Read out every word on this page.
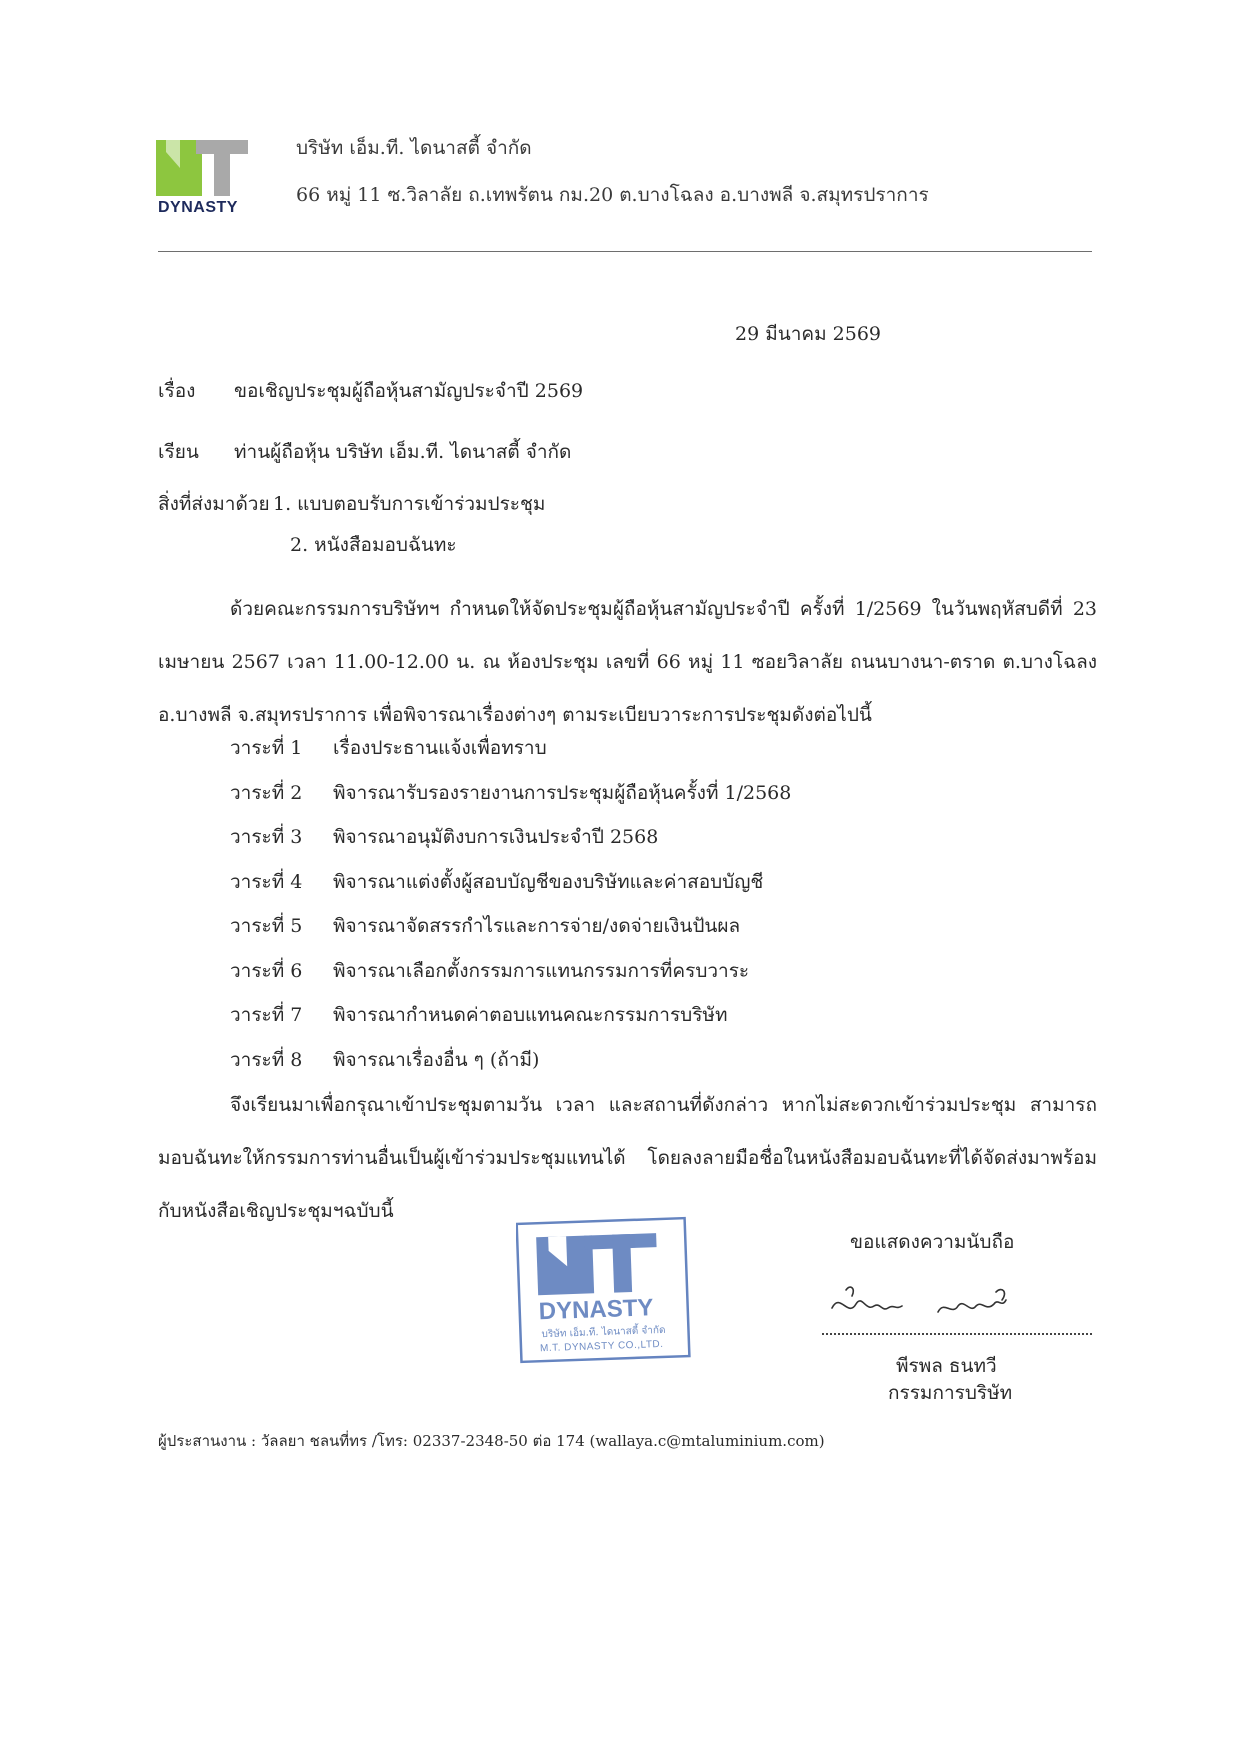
DYNASTY
บริษัท เอ็ม.ที. ไดนาสตี้ จำกัด
66 หมู่ 11 ซ.วิลาลัย ถ.เทพรัตน กม.20 ต.บางโฉลง อ.บางพลี จ.สมุทรปราการ
29 มีนาคม 2569
เรื่อง ขอเชิญประชุมผู้ถือหุ้นสามัญประจำปี 2569
เรียน ท่านผู้ถือหุ้น บริษัท เอ็ม.ที. ไดนาสตี้ จำกัด
สิ่งที่ส่งมาด้วย 1. แบบตอบรับการเข้าร่วมประชุม
2. หนังสือมอบฉันทะ
ด้วยคณะกรรมการบริษัทฯ กำหนดให้จัดประชุมผู้ถือหุ้นสามัญประจำปี ครั้งที่ 1/2569 ในวันพฤหัสบดีที่ 23 เมษายน 2567 เวลา 11.00-12.00 น. ณ ห้องประชุม เลขที่ 66 หมู่ 11 ซอยวิลาลัย ถนนบางนา-ตราด ต.บางโฉลง อ.บางพลี จ.สมุทรปราการ เพื่อพิจารณาเรื่องต่างๆ ตามระเบียบวาระการประชุมดังต่อไปนี้
วาระที่ 1	เรื่องประธานแจ้งเพื่อทราบ
วาระที่ 2	พิจารณารับรองรายงานการประชุมผู้ถือหุ้นครั้งที่ 1/2568
วาระที่ 3	พิจารณาอนุมัติงบการเงินประจำปี 2568
วาระที่ 4	พิจารณาแต่งตั้งผู้สอบบัญชีของบริษัทและค่าสอบบัญชี
วาระที่ 5	พิจารณาจัดสรรกำไรและการจ่าย/งดจ่ายเงินปันผล
วาระที่ 6	พิจารณาเลือกตั้งกรรมการแทนกรรมการที่ครบวาระ
วาระที่ 7	พิจารณากำหนดค่าตอบแทนคณะกรรมการบริษัท
วาระที่ 8	พิจารณาเรื่องอื่น ๆ (ถ้ามี)
จึงเรียนมาเพื่อกรุณาเข้าประชุมตามวัน เวลา และสถานที่ดังกล่าว หากไม่สะดวกเข้าร่วมประชุม สามารถมอบฉันทะให้กรรมการท่านอื่นเป็นผู้เข้าร่วมประชุมแทนได้ โดยลงลายมือชื่อในหนังสือมอบฉันทะที่ได้จัดส่งมาพร้อมกับหนังสือเชิญประชุมฯฉบับนี้
DYNASTY
บริษัท เอ็ม.ที. ไดนาสตี้ จำกัด
M.T. DYNASTY CO.,LTD.
ขอแสดงความนับถือ
พีรพล ธนทวี
กรรมการบริษัท
ผู้ประสานงาน : วัลลยา ชลนที่ทร /โทร: 02337-2348-50 ต่อ 174 (wallaya.c@mtaluminium.com)
